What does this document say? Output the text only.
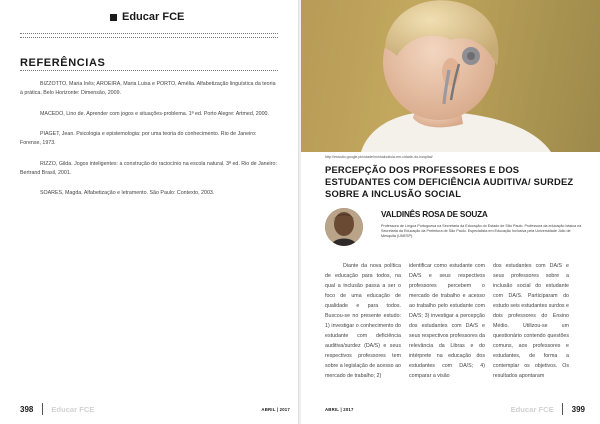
Educar FCE
REFERÊNCIAS

BIZZOTTO, Maria Inês; AROEIRA, Maria Luisa e PORTO, Amélia. Alfabetização linguística da teoria à prática. Belo Horizonte: Dimensão, 2009.

MACEDO, Lino de. Aprender com jogos e situações-problema. 1ª ed. Porto Alegre: Artmed, 2000.

PIAGET, Jean. Psicologia e epistemologia: por uma teoria do conhecimento. Rio de Janeiro: Forense, 1973.

RIZZO, Gilda. Jogos inteligentes: a construção do raciocínio na escola natural. 3ª ed. Rio de Janeiro: Bertrand Brasil, 2001.

SOARES, Magda. Alfabetização e letramento. São Paulo: Contexto, 2003.

398 Educar FCE	ABRIL | 2017
http://estudio.google.pt/cidade/minhalnoticia-em-cidade-do-hospital/
PERCEPÇÃO DOS PROFESSORES E DOS ESTUDANTES COM DEFICIÊNCIA AUDITIVA/ SURDEZ SOBRE A INCLUSÃO SOCIAL
VALDINÊS ROSA DE SOUZA
Professora de Língua Portuguesa na Secretaria da Educação do Estado de São Paulo. Professora da educação básica na Secretaria da Educação da Prefeitura de São Paulo. Especialista em Educação Inclusiva pela Universidade Júlio de Mesquita (UNESP).

Diante da nova política de educação para todos, na qual a inclusão passa a ser o foco de uma educação de qualidade e para todos. Buscou-se no presente estudo: 1) investigar o conhecimento do estudante com deficiência auditiva/surdez (DA/S) e seus respectivos professores tem sobre a legislação de acesso ao mercado de trabalho; 2)

identificar como estudante com DA/S e seus respectivos professores percebem o mercado de trabalho e acesso ao trabalho pelo estudante com DA/S; 3) investigar a percepção dos estudantes com DA/S e seus respectivos professores da relevância da Libras e do intérprete na educação dos estudantes com DA/S; 4) comparar a visão

dos estudantes com DA/S e seus professores sobre a inclusão social do estudante com DA/S. Participaram do estudo seis estudantes surdos e dois professores do Ensino Médio. Utilizou-se um questionário contendo questões comuns, aos professores e estudantes, de forma a contemplar os objetivos. Os resultados apontaram

ABRIL | 2017	Educar FCE 399
